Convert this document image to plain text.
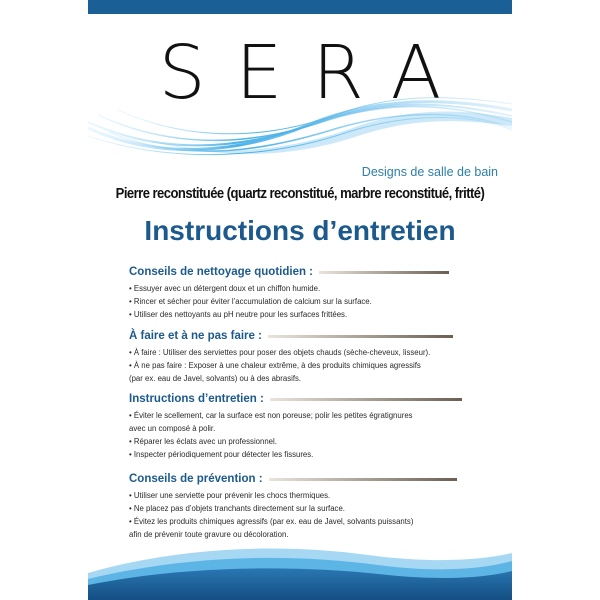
SERA
Designs de salle de bain
Pierre reconstituée (quartz reconstitué, marbre reconstitué, fritté)
Instructions d’entretien
Conseils de nettoyage quotidien :
• Essuyer avec un détergent doux et un chiffon humide.
• Rincer et sécher pour éviter l’accumulation de calcium sur la surface.
• Utiliser des nettoyants au pH neutre pour les surfaces frittées.
À faire et à ne pas faire :
• À faire : Utiliser des serviettes pour poser des objets chauds (sèche-cheveux, lisseur).
• À ne pas faire : Exposer à une chaleur extrême, à des produits chimiques agressifs
(par ex. eau de Javel, solvants) ou à des abrasifs.
Instructions d’entretien :
• Éviter le scellement, car la surface est non poreuse; polir les petites égratignures
avec un composé à polir.
• Réparer les éclats avec un professionnel.
• Inspecter périodiquement pour détecter les fissures.
Conseils de prévention :
• Utiliser une serviette pour prévenir les chocs thermiques.
• Ne placez pas d’objets tranchants directement sur la surface.
• Évitez les produits chimiques agressifs (par ex. eau de Javel, solvants puissants)
afin de prévenir toute gravure ou décoloration.
